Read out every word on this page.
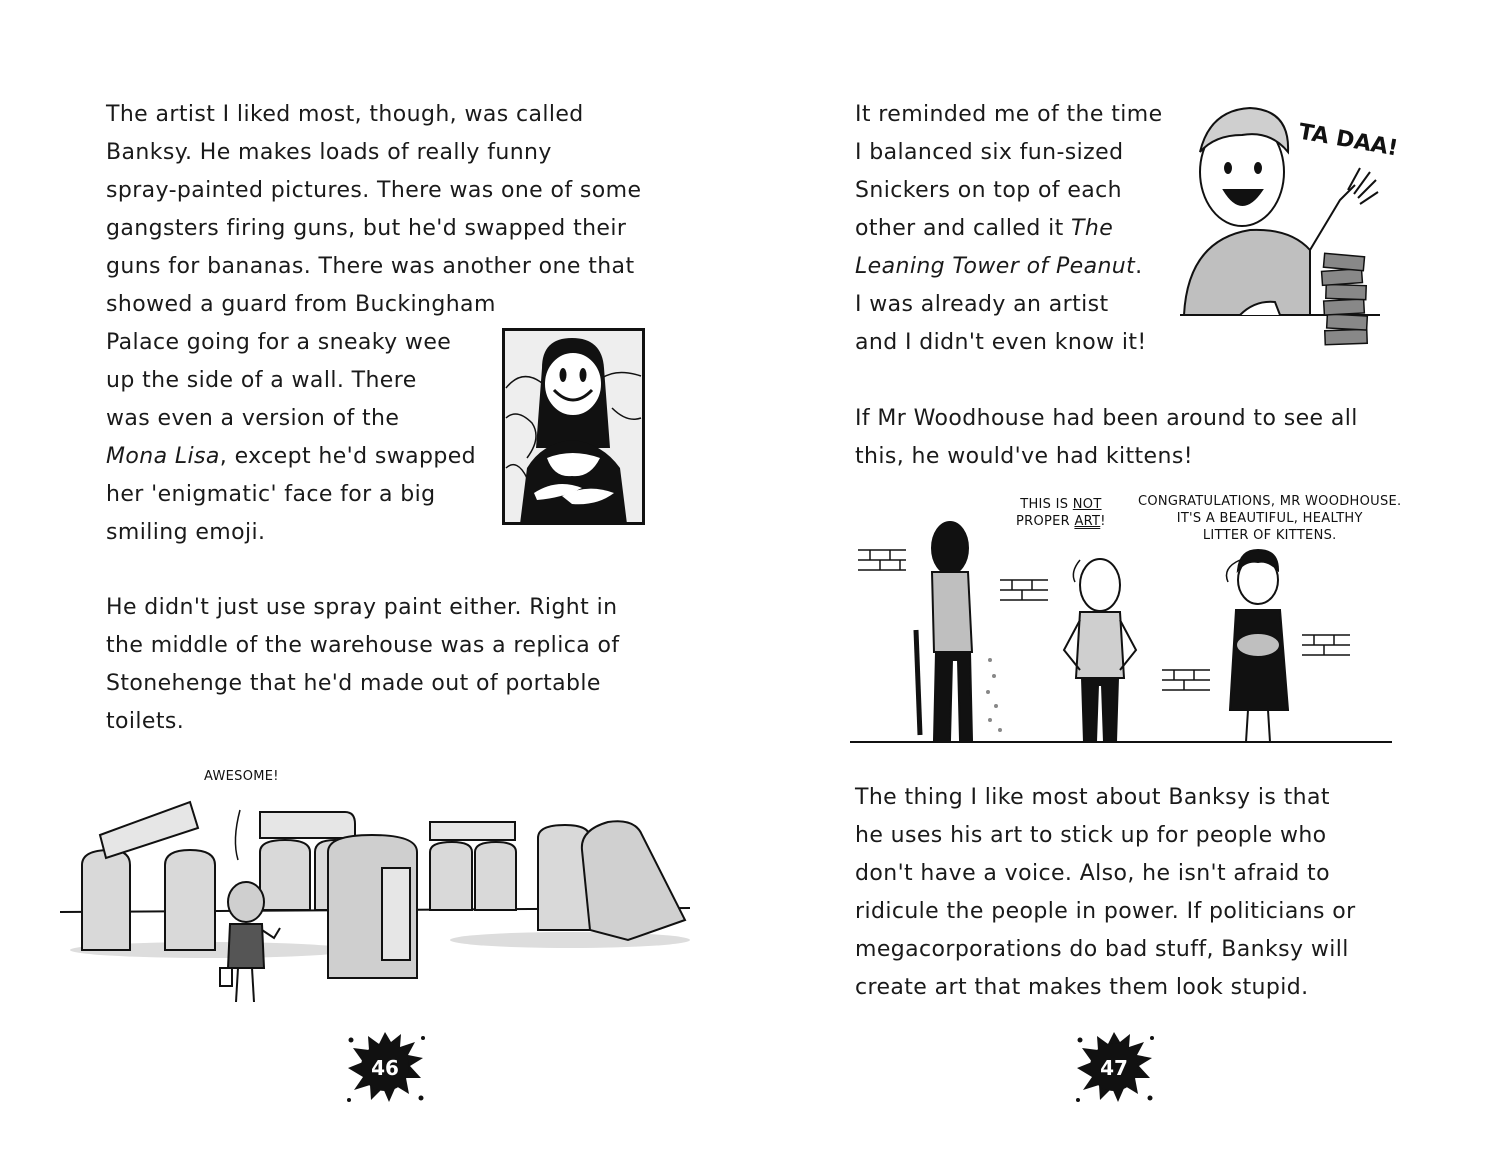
The artist I liked most, though, was called
Banksy. He makes loads of really funny
spray-painted pictures. There was one of some
gangsters firing guns, but he'd swapped their
guns for bananas. There was another one that
showed a guard from Buckingham
Palace going for a sneaky wee
up the side of a wall. There
was even a version of the
Mona Lisa, except he'd swapped
her 'enigmatic' face for a big
smiling emoji.

He didn't just use spray paint either. Right in
the middle of the warehouse was a replica of
Stonehenge that he'd made out of portable
toilets.

AWESOME!
46

It reminded me of the time
I balanced six fun-sized
Snickers on top of each
other and called it The
Leaning Tower of Peanut.
I was already an artist
and I didn't even know it!

TA DAA!

If Mr Woodhouse had been around to see all
this, he would've had kittens!

THIS IS NOT
PROPER ART!
CONGRATULATIONS, MR WOODHOUSE.
IT'S A BEAUTIFUL, HEALTHY
LITTER OF KITTENS.

The thing I like most about Banksy is that
he uses his art to stick up for people who
don't have a voice. Also, he isn't afraid to
ridicule the people in power. If politicians or
megacorporations do bad stuff, Banksy will
create art that makes them look stupid.

47
